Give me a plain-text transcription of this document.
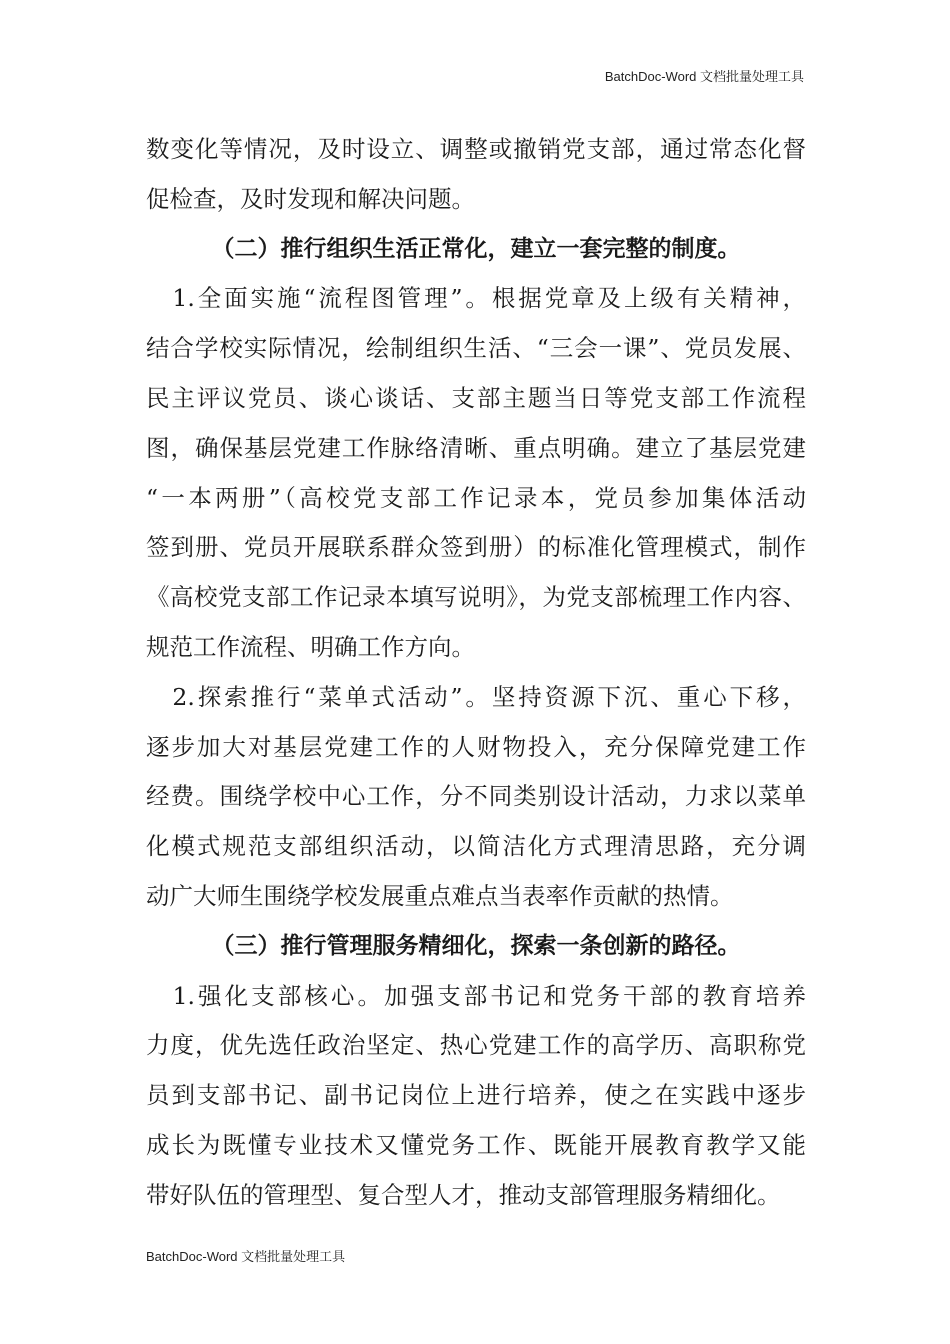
BatchDoc-Word 文档批量处理工具
数变化等情况，及时设立、调整或撤销党支部，通过常态化督
促检查，及时发现和解决问题。
（二）推行组织生活正常化，建立一套完整的制度。
　1.全面实施“流程图管理”。根据党章及上级有关精神，
结合学校实际情况，绘制组织生活、“三会一课”、党员发展、
民主评议党员、谈心谈话、支部主题当日等党支部工作流程
图，确保基层党建工作脉络清晰、重点明确。建立了基层党建
“一本两册”（高校党支部工作记录本，党员参加集体活动
签到册、党员开展联系群众签到册）的标准化管理模式，制作
《高校党支部工作记录本填写说明》，为党支部梳理工作内容、
规范工作流程、明确工作方向。
　2.探索推行“菜单式活动”。坚持资源下沉、重心下移，
逐步加大对基层党建工作的人财物投入，充分保障党建工作
经费。围绕学校中心工作，分不同类别设计活动，力求以菜单
化模式规范支部组织活动，以简洁化方式理清思路，充分调
动广大师生围绕学校发展重点难点当表率作贡献的热情。
（三）推行管理服务精细化，探索一条创新的路径。
　1.强化支部核心。加强支部书记和党务干部的教育培养
力度，优先选任政治坚定、热心党建工作的高学历、高职称党
员到支部书记、副书记岗位上进行培养，使之在实践中逐步
成长为既懂专业技术又懂党务工作、既能开展教育教学又能
带好队伍的管理型、复合型人才，推动支部管理服务精细化。
BatchDoc-Word 文档批量处理工具
